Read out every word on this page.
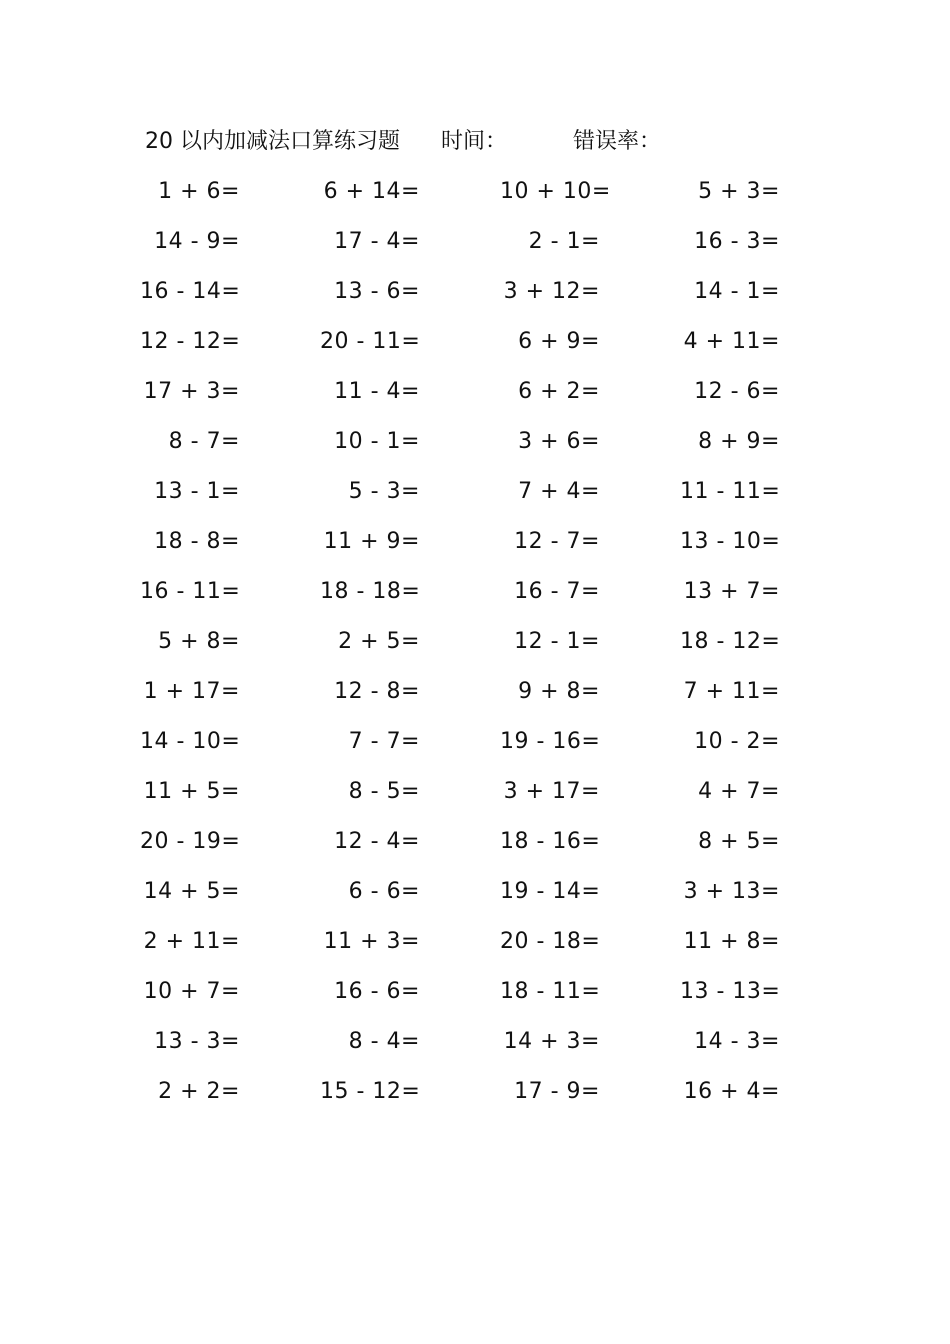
20 以内加减法口算练习题 时间：	错误率：
1 + 6=	6 + 14=	10 + 10=	5 + 3=
14 - 9=	17 - 4=	2 - 1=	16 - 3=
16 - 14=	13 - 6=	3 + 12=	14 - 1=
12 - 12=	20 - 11=	6 + 9=	4 + 11=
17 + 3=	11 - 4=	6 + 2=	12 - 6=
8 - 7=	10 - 1=	3 + 6=	8 + 9=
13 - 1=	5 - 3=	7 + 4=	11 - 11=
18 - 8=	11 + 9=	12 - 7=	13 - 10=
16 - 11=	18 - 18=	16 - 7=	13 + 7=
5 + 8=	2 + 5=	12 - 1=	18 - 12=
1 + 17=	12 - 8=	9 + 8=	7 + 11=
14 - 10=	7 - 7=	19 - 16=	10 - 2=
11 + 5=	8 - 5=	3 + 17=	4 + 7=
20 - 19=	12 - 4=	18 - 16=	8 + 5=
14 + 5=	6 - 6=	19 - 14=	3 + 13=
2 + 11=	11 + 3=	20 - 18=	11 + 8=
10 + 7=	16 - 6=	18 - 11=	13 - 13=
13 - 3=	8 - 4=	14 + 3=	14 - 3=
2 + 2=	15 - 12=	17 - 9=	16 + 4=
